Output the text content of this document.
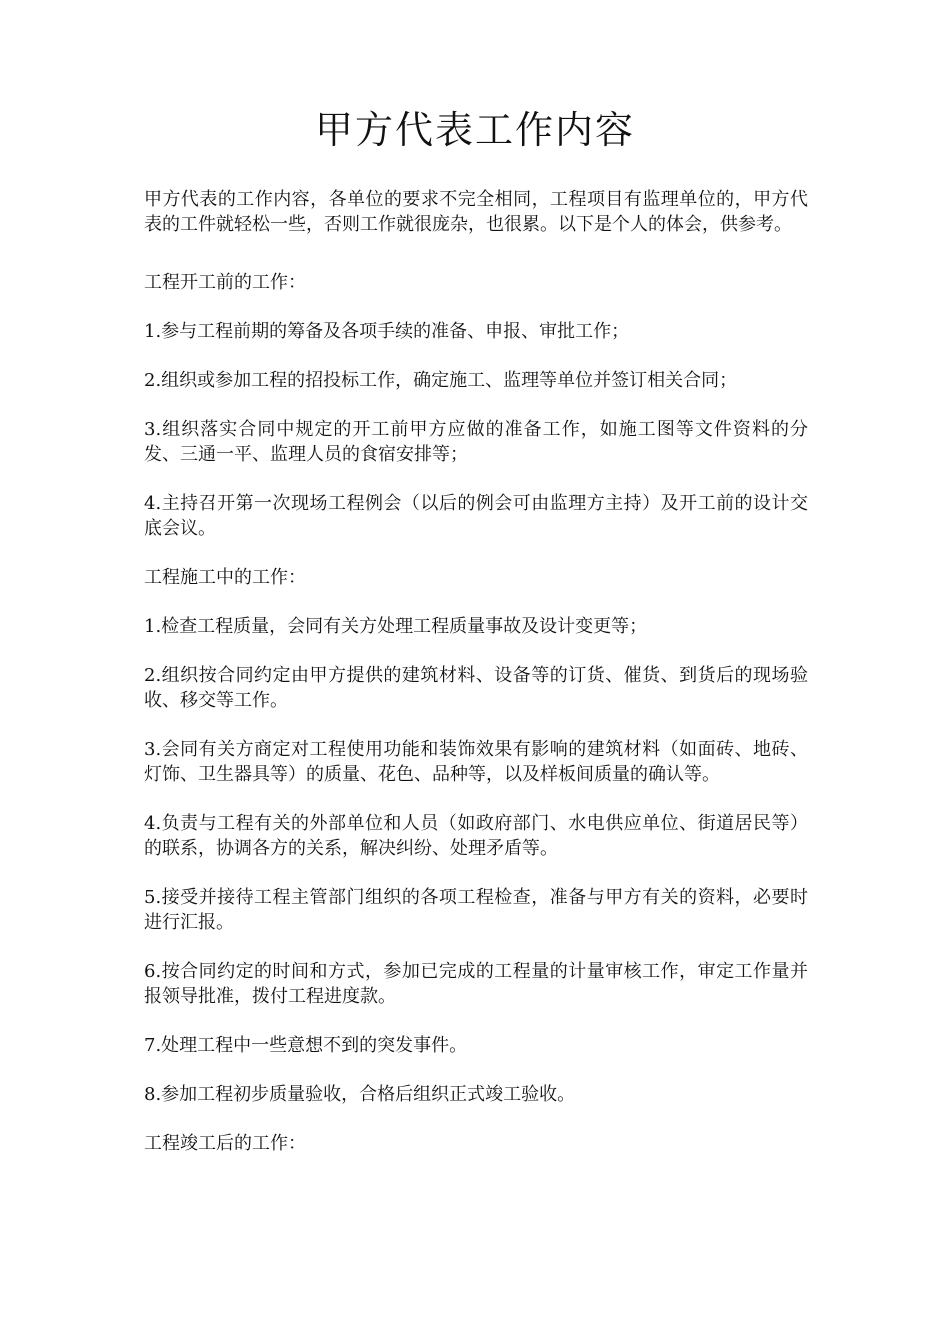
甲方代表工作内容

甲方代表的工作内容，各单位的要求不完全相同，工程项目有监理单位的，甲方代表的工件就轻松一些，否则工作就很庞杂，也很累。以下是个人的体会，供参考。

工程开工前的工作：

1.参与工程前期的筹备及各项手续的准备、申报、审批工作；

2.组织或参加工程的招投标工作，确定施工、监理等单位并签订相关合同；

3.组织落实合同中规定的开工前甲方应做的准备工作，如施工图等文件资料的分发、三通一平、监理人员的食宿安排等；

4.主持召开第一次现场工程例会（以后的例会可由监理方主持）及开工前的设计交底会议。

工程施工中的工作：

1.检查工程质量，会同有关方处理工程质量事故及设计变更等；

2.组织按合同约定由甲方提供的建筑材料、设备等的订货、催货、到货后的现场验收、移交等工作。

3.会同有关方商定对工程使用功能和装饰效果有影响的建筑材料（如面砖、地砖、灯饰、卫生器具等）的质量、花色、品种等，以及样板间质量的确认等。

4.负责与工程有关的外部单位和人员（如政府部门、水电供应单位、街道居民等）的联系，协调各方的关系，解决纠纷、处理矛盾等。

5.接受并接待工程主管部门组织的各项工程检查，准备与甲方有关的资料，必要时进行汇报。

6.按合同约定的时间和方式，参加已完成的工程量的计量审核工作，审定工作量并报领导批准，拨付工程进度款。

7.处理工程中一些意想不到的突发事件。

8.参加工程初步质量验收，合格后组织正式竣工验收。

工程竣工后的工作：
